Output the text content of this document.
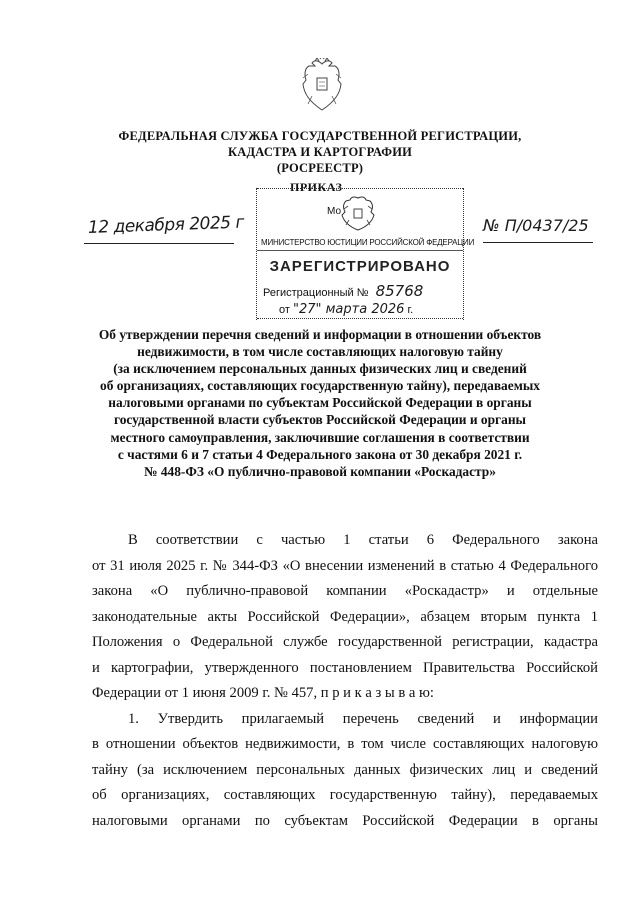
ФЕДЕРАЛЬНАЯ СЛУЖБА ГОСУДАРСТВЕННОЙ РЕГИСТРАЦИИ,
КАДАСТРА И КАРТОГРАФИИ
(РОСРЕЕСТР)
ПРИКАЗ
12 декабря 2025 г	№ П/0437/25
Мо
МИНИСТЕРСТВО ЮСТИЦИИ РОССИЙСКОЙ ФЕДЕРАЦИИ
ЗАРЕГИСТРИРОВАНО
Регистрационный № 85768
от "27" марта 2026 г.
Об утверждении перечня сведений и информации в отношении объектов
недвижимости, в том числе составляющих налоговую тайну
(за исключением персональных данных физических лиц и сведений
об организациях, составляющих государственную тайну), передаваемых
налоговыми органами по субъектам Российской Федерации в органы
государственной власти субъектов Российской Федерации и органы
местного самоуправления, заключившие соглашения в соответствии
с частями 6 и 7 статьи 4 Федерального закона от 30 декабря 2021 г.
№ 448-ФЗ «О публично-правовой компании «Роскадастр»
В соответствии с частью 1 статьи 6 Федерального закона
от 31 июля 2025 г. № 344-ФЗ «О внесении изменений в статью 4 Федерального
закона «О публично-правовой компании «Роскадастр» и отдельные
законодательные акты Российской Федерации», абзацем вторым пункта 1
Положения о Федеральной службе государственной регистрации, кадастра
и картографии, утвержденного постановлением Правительства Российской
Федерации от 1 июня 2009 г. № 457, п р и к а з ы в а ю:
1. Утвердить прилагаемый перечень сведений и информации
в отношении объектов недвижимости, в том числе составляющих налоговую
тайну (за исключением персональных данных физических лиц и сведений
об организациях, составляющих государственную тайну), передаваемых
налоговыми органами по субъектам Российской Федерации в органы
